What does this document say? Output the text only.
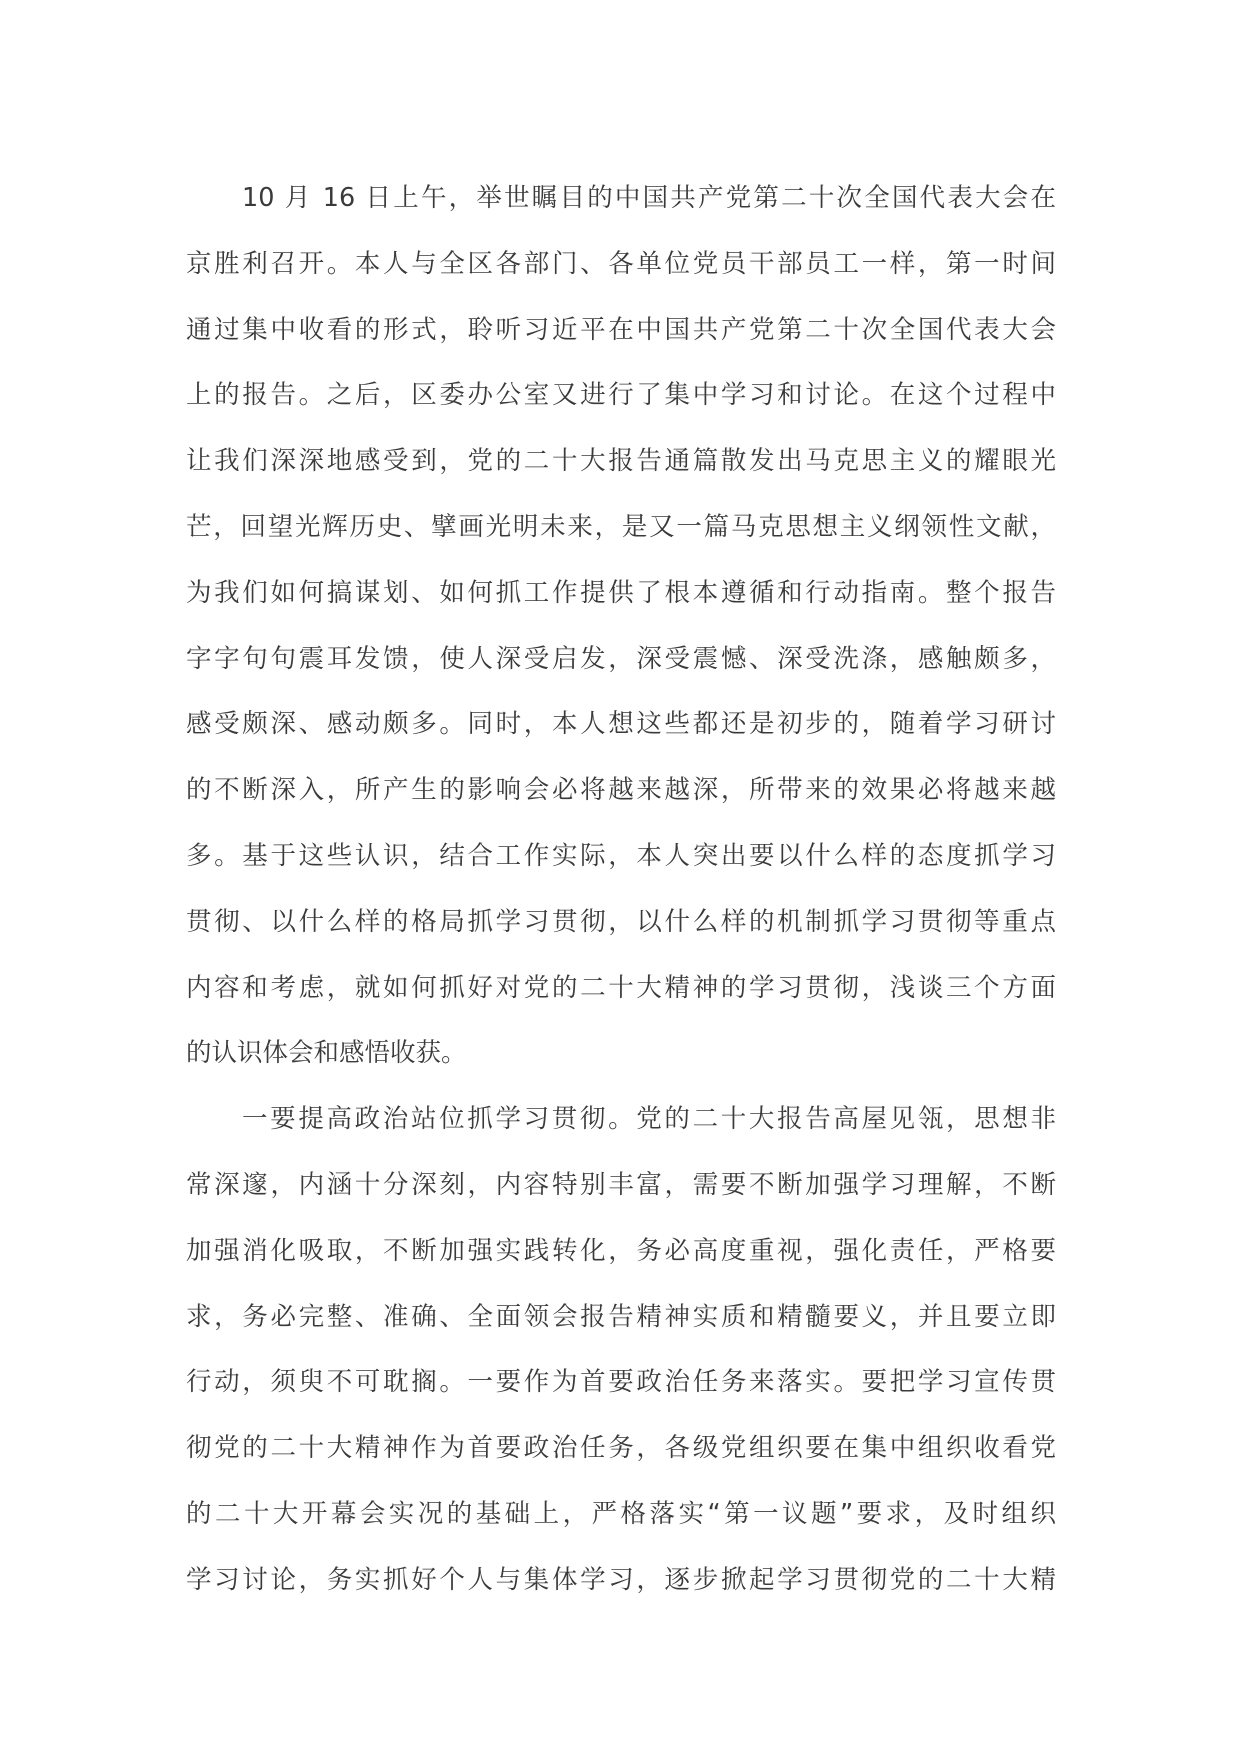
10 月 16 日上午，举世瞩目的中国共产党第二十次全国代表大会在
京胜利召开。本人与全区各部门、各单位党员干部员工一样，第一时间
通过集中收看的形式，聆听习近平在中国共产党第二十次全国代表大会
上的报告。之后，区委办公室又进行了集中学习和讨论。在这个过程中
让我们深深地感受到，党的二十大报告通篇散发出马克思主义的耀眼光
芒，回望光辉历史、擘画光明未来，是又一篇马克思想主义纲领性文献，
为我们如何搞谋划、如何抓工作提供了根本遵循和行动指南。整个报告
字字句句震耳发馈，使人深受启发，深受震憾、深受洗涤，感触颇多，
感受颇深、感动颇多。同时，本人想这些都还是初步的，随着学习研讨
的不断深入，所产生的影响会必将越来越深，所带来的效果必将越来越
多。基于这些认识，结合工作实际，本人突出要以什么样的态度抓学习
贯彻、以什么样的格局抓学习贯彻，以什么样的机制抓学习贯彻等重点
内容和考虑，就如何抓好对党的二十大精神的学习贯彻，浅谈三个方面
的认识体会和感悟收获。
一要提高政治站位抓学习贯彻。党的二十大报告高屋见瓴，思想非
常深邃，内涵十分深刻，内容特别丰富，需要不断加强学习理解，不断
加强消化吸取，不断加强实践转化，务必高度重视，强化责任，严格要
求，务必完整、准确、全面领会报告精神实质和精髓要义，并且要立即
行动，须臾不可耽搁。一要作为首要政治任务来落实。要把学习宣传贯
彻党的二十大精神作为首要政治任务，各级党组织要在集中组织收看党
的二十大开幕会实况的基础上，严格落实“第一议题”要求，及时组织
学习讨论，务实抓好个人与集体学习，逐步掀起学习贯彻党的二十大精
